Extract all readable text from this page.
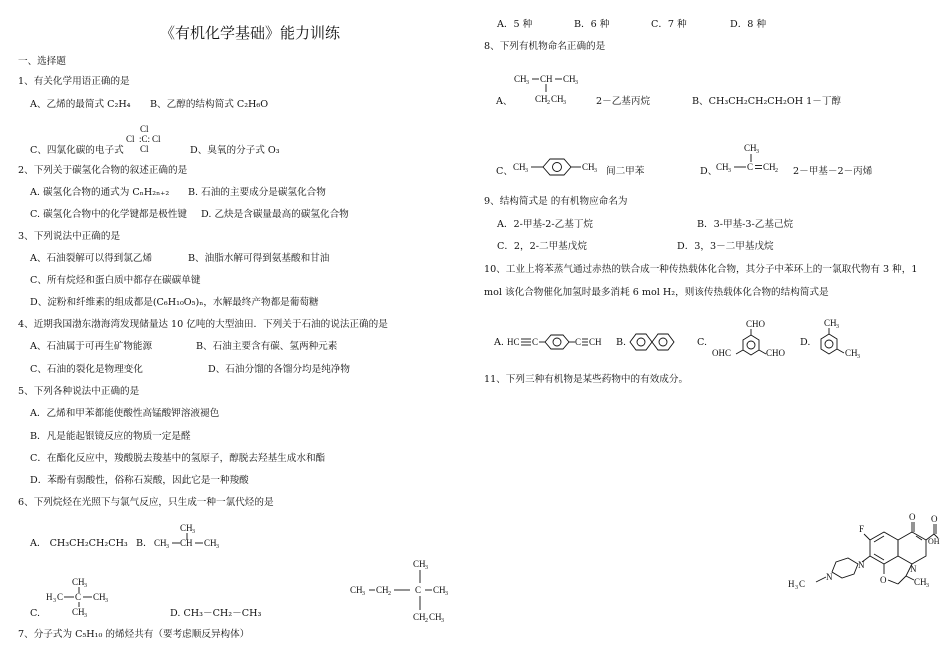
《有机化学基础》能力训练
一、选择题
1、有关化学用语正确的是
A、乙烯的最简式 C₂H₄ B、乙醇的结构简式 C₂H₆O
C、四氯化碳的电子式
Cl
Cl :C: Cl
Cl	D、臭氧的分子式 O₃
2、下列关于碳氢化合物的叙述正确的是
A. 碳氢化合物的通式为 CₙH₂ₙ₊₂ B. 石油的主要成分是碳氢化合物
C. 碳氢化合物中的化学键都是极性键 D. 乙炔是含碳量最高的碳氢化合物
3、下列说法中正确的是
A、石油裂解可以得到氯乙烯	B、油脂水解可得到氨基酸和甘油
C、所有烷烃和蛋白质中都存在碳碳单键
D、淀粉和纤维素的组成都是(C₆H₁₀O₅)ₙ，水解最终产物都是葡萄糖
4、近期我国渤东渤海湾发现储量达 10 亿吨的大型油田．下列关于石油的说法正确的是
A、石油属于可再生矿物能源	B、石油主要含有碳、氢两种元素
C、石油的裂化是物理变化	D、石油分馏的各馏分均是纯净物
5、下列各种说法中正确的是
A．乙烯和甲苯都能使酸性高锰酸钾溶液褪色
B．凡是能起银镜反应的物质一定是醛
C．在酯化反应中，羧酸脱去羧基中的氢原子，醇脱去羟基生成水和酯
D．苯酚有弱酸性，俗称石炭酸，因此它是一种羧酸
6、下列烷烃在光照下与氯气反应，只生成一种一氯代烃的是
A． CH₃CH₂CH₂CH₃ B．
CH 3
CH 3 CH CH 3
C.
CH 3
H 3 C C CH 3
CH 3	D. CH₃－CH₂－CH₃
CH 3
CH 3 CH 2	C CH 3
CH 2 CH 3
7、分子式为 C₅H₁₀ 的烯烃共有（要考虑顺反异构体）
A．5 种	B．6 种	C．7 种	D．8 种
8、下列有机物命名正确的是
A、
CH 3 CH CH 3
CH 2 CH 3	2－乙基丙烷	B、CH₃CH₂CH₂CH₂OH 1－丁醇
C、 CH 3	CH 3 间二甲苯	D、
CH 3
CH 3 C CH 2 2－甲基－2－丙烯
9、结构简式是 的有机物应命名为
A．2-甲基-2-乙基丁烷	B．3-甲基-3-乙基己烷
C．2，2-二甲基戊烷	D．3，3－二甲基戊烷
10、工业上将苯蒸气通过赤热的铁合成一种传热载体化合物，其分子中苯环上的一氯取代物有 3 种，1
mol 该化合物催化加氢时最多消耗 6 mol H₂，则该传热载体化合物的结构简式是
A. HC C	C CH B.	C.
CHO
OHC	CHO
D.
CH 3
CH 3
11、下列三种有机物是某些药物中的有效成分。
O O
OH
F
N
N
H 3 C	O
N
CH 3
